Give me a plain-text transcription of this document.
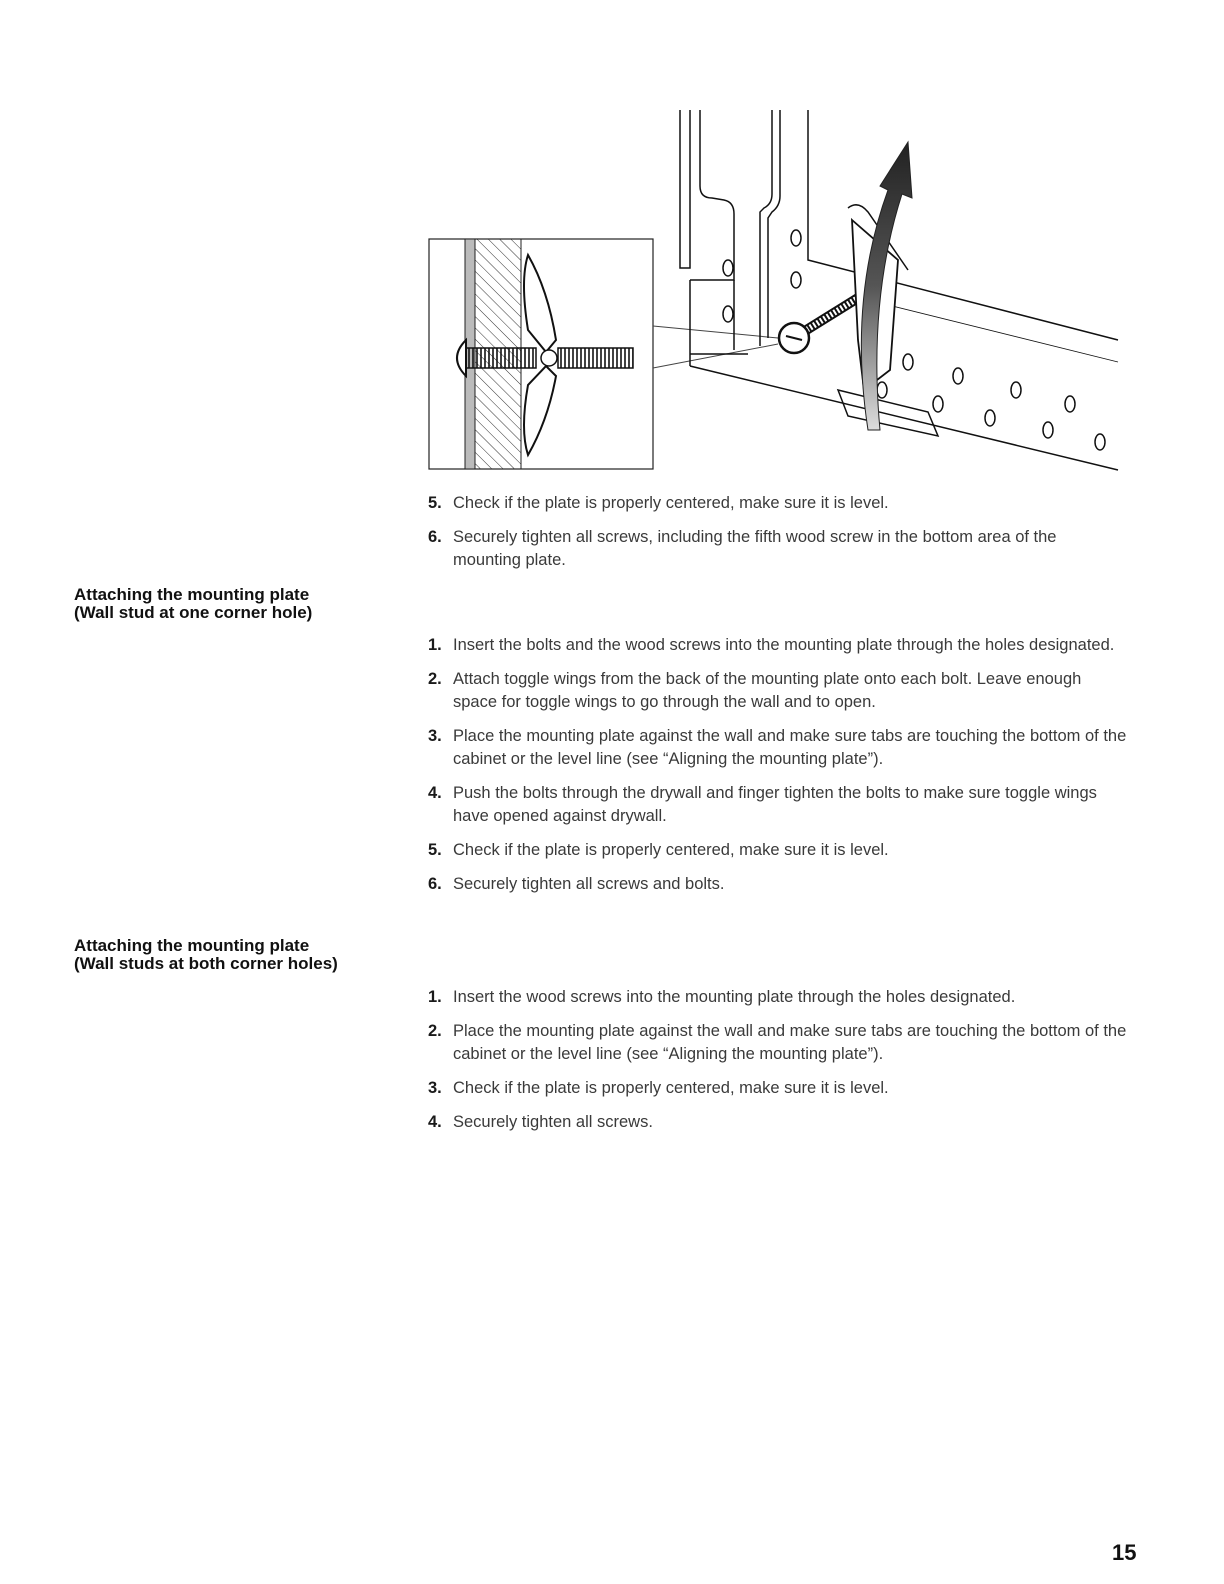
5. Check if the plate is properly centered, make sure it is level.
6. Securely tighten all screws, including the fifth wood screw in the bottom area of the mounting plate.
Attaching the mounting plate
(Wall stud at one corner hole)
1. Insert the bolts and the wood screws into the mounting plate through the holes designated.
2. Attach toggle wings from the back of the mounting plate onto each bolt. Leave enough space for toggle wings to go through the wall and to open.
3. Place the mounting plate against the wall and make sure tabs are touching the bottom of the cabinet or the level line (see “Aligning the mounting plate”).
4. Push the bolts through the drywall and finger tighten the bolts to make sure toggle wings have opened against drywall.
5. Check if the plate is properly centered, make sure it is level.
6. Securely tighten all screws and bolts.
Attaching the mounting plate
(Wall studs at both corner holes)
1. Insert the wood screws into the mounting plate through the holes designated.
2. Place the mounting plate against the wall and make sure tabs are touching the bottom of the cabinet or the level line (see “Aligning the mounting plate”).
3. Check if the plate is properly centered, make sure it is level.
4. Securely tighten all screws.
15
